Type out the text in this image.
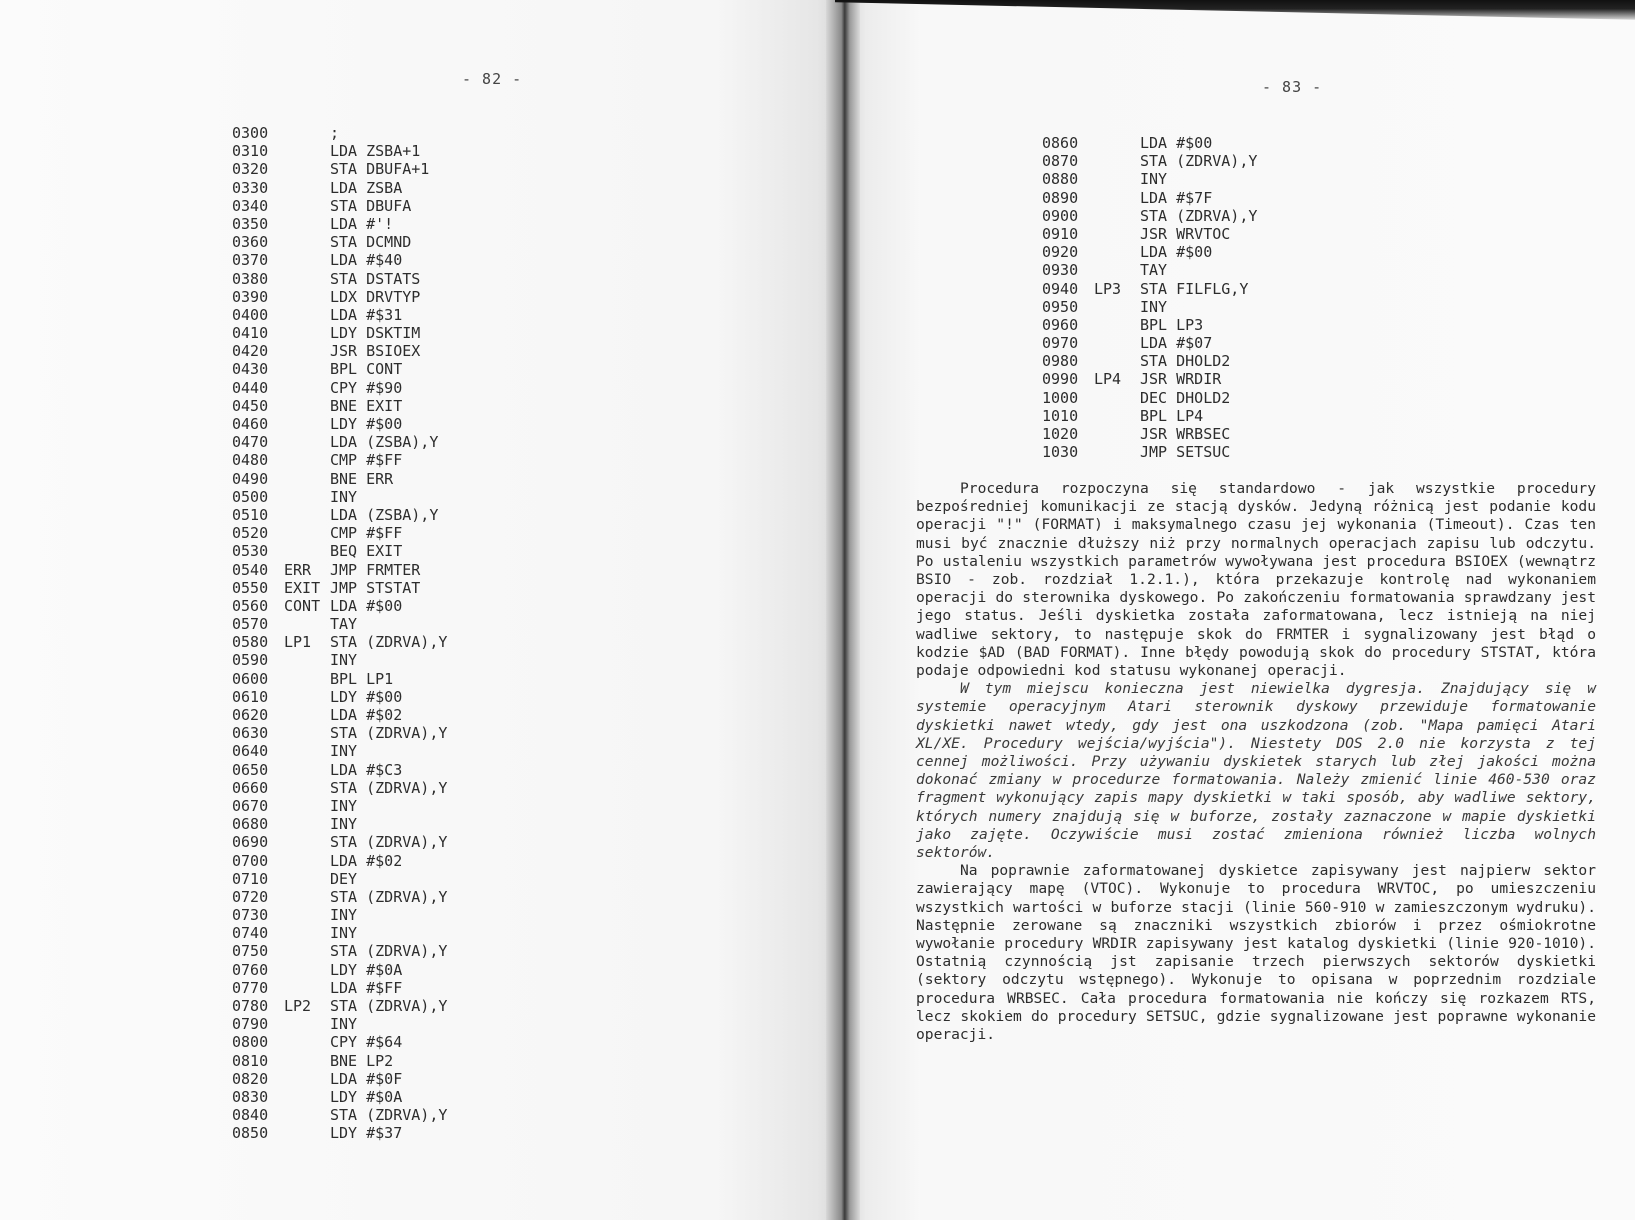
- 82 -
0300	;
0310	LDA ZSBA+1
0320	STA DBUFA+1
0330	LDA ZSBA
0340	STA DBUFA
0350	LDA #'!
0360	STA DCMND
0370	LDA #$40
0380	STA DSTATS
0390	LDX DRVTYP
0400	LDA #$31
0410	LDY DSKTIM
0420	JSR BSIOEX
0430	BPL CONT
0440	CPY #$90
0450	BNE EXIT
0460	LDY #$00
0470	LDA (ZSBA),Y
0480	CMP #$FF
0490	BNE ERR
0500	INY
0510	LDA (ZSBA),Y
0520	CMP #$FF
0530	BEQ EXIT
0540 ERR JMP FRMTER
0550 EXIT JMP STSTAT
0560 CONT LDA #$00
0570	TAY
0580 LP1 STA (ZDRVA),Y
0590	INY
0600	BPL LP1
0610	LDY #$00
0620	LDA #$02
0630	STA (ZDRVA),Y
0640	INY
0650	LDA #$C3
0660	STA (ZDRVA),Y
0670	INY
0680	INY
0690	STA (ZDRVA),Y
0700	LDA #$02
0710	DEY
0720	STA (ZDRVA),Y
0730	INY
0740	INY
0750	STA (ZDRVA),Y
0760	LDY #$0A
0770	LDA #$FF
0780 LP2 STA (ZDRVA),Y
0790	INY
0800	CPY #$64
0810	BNE LP2
0820	LDA #$0F
0830	LDY #$0A
0840	STA (ZDRVA),Y
0850	LDY #$37
- 83 -
0860	LDA #$00
0870	STA (ZDRVA),Y
0880	INY
0890	LDA #$7F
0900	STA (ZDRVA),Y
0910	JSR WRVTOC
0920	LDA #$00
0930	TAY
0940 LP3 STA FILFLG,Y
0950	INY
0960	BPL LP3
0970	LDA #$07
0980	STA DHOLD2
0990 LP4 JSR WRDIR
1000	DEC DHOLD2
1010	BPL LP4
1020	JSR WRBSEC
1030	JMP SETSUC

Procedura rozpoczyna się standardowo - jak wszystkie procedury bezpośredniej komunikacji ze stacją dysków. Jedyną różnicą jest podanie kodu operacji "!" (FORMAT) i maksymalnego czasu jej wykonania (Timeout). Czas ten musi być znacznie dłuższy niż przy normalnych operacjach zapisu lub odczytu. Po ustaleniu wszystkich parametrów wywoływana jest procedura BSIOEX (wewnątrz BSIO - zob. rozdział 1.2.1.), która przekazuje kontrolę nad wykonaniem operacji do sterownika dyskowego. Po zakończeniu formatowania sprawdzany jest jego status. Jeśli dyskietka została zaformatowana, lecz istnieją na niej wadliwe sektory, to następuje skok do FRMTER i sygnalizowany jest błąd o kodzie $AD (BAD FORMAT). Inne błędy powodują skok do procedury STSTAT, która podaje odpowiedni kod statusu wykonanej operacji.

W tym miejscu konieczna jest niewielka dygresja. Znajdujący się w systemie operacyjnym Atari sterownik dyskowy przewiduje formatowanie dyskietki nawet wtedy, gdy jest ona uszkodzona (zob. "Mapa pamięci Atari XL/XE. Procedury wejścia/wyjścia"). Niestety DOS 2.0 nie korzysta z tej cennej możliwości. Przy używaniu dyskietek starych lub złej jakości można dokonać zmiany w procedurze formatowania. Należy zmienić linie 460-530 oraz fragment wykonujący zapis mapy dyskietki w taki sposób, aby wadliwe sektory, których numery znajdują się w buforze, zostały zaznaczone w mapie dyskietki jako zajęte. Oczywiście musi zostać zmieniona również liczba wolnych sektorów.

Na poprawnie zaformatowanej dyskietce zapisywany jest najpierw sektor zawierający mapę (VTOC). Wykonuje to procedura WRVTOC, po umieszczeniu wszystkich wartości w buforze stacji (linie 560-910 w zamieszczonym wydruku). Następnie zerowane są znaczniki wszystkich zbiorów i przez ośmiokrotne wywołanie procedury WRDIR zapisywany jest katalog dyskietki (linie 920-1010). Ostatnią czynnością jst zapisanie trzech pierwszych sektorów dyskietki (sektory odczytu wstępnego). Wykonuje to opisana w poprzednim rozdziale procedura WRBSEC. Cała procedura formatowania nie kończy się rozkazem RTS, lecz skokiem do procedury SETSUC, gdzie sygnalizowane jest poprawne wykonanie operacji.
